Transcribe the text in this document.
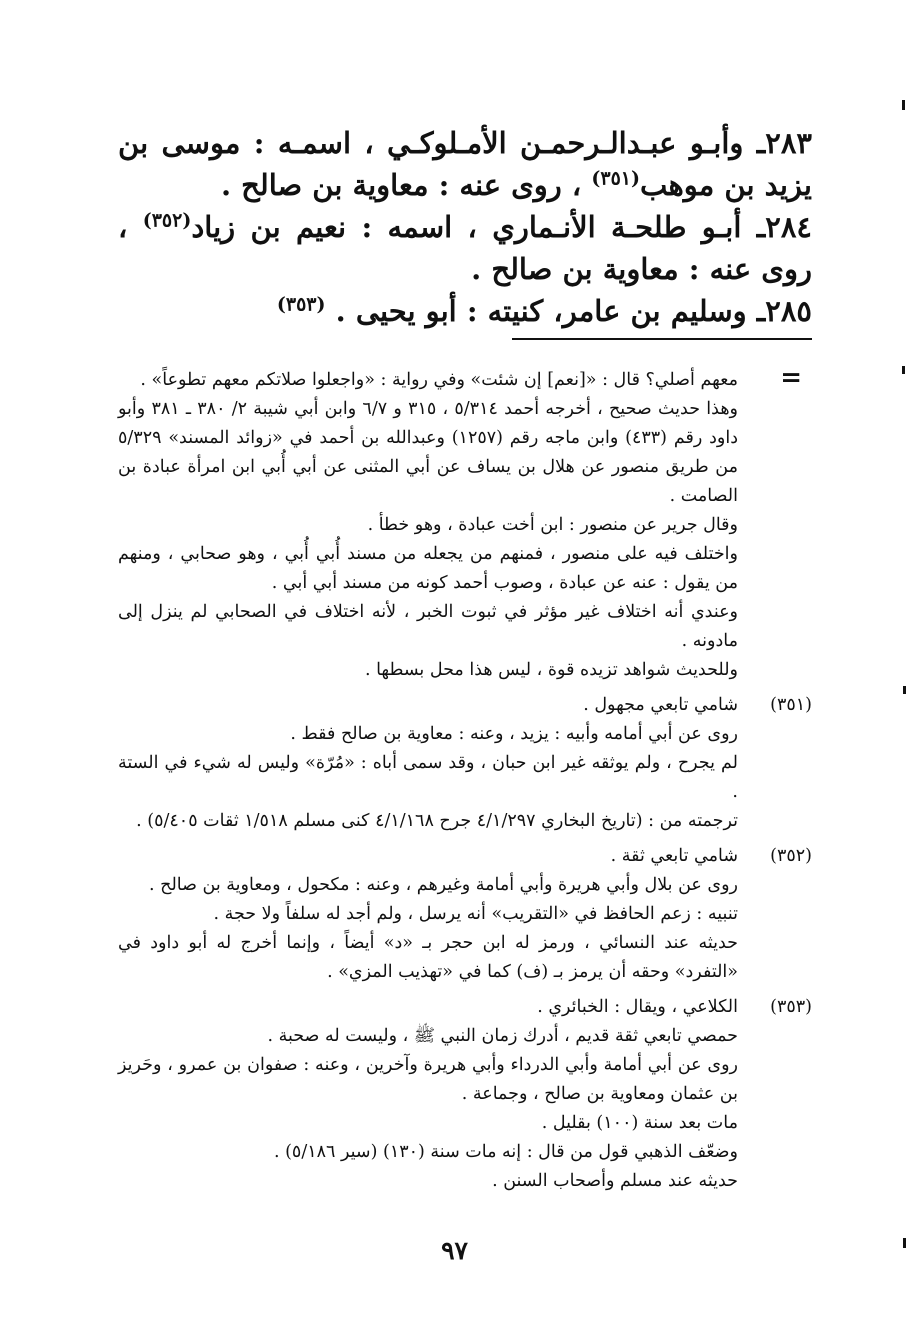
٢٨٣ـ وأبـو عبـدالـرحمـن الأمـلوكـي ، اسمـه : موسى بن يزيد بن موهب$^{(٣٥١)}$ ، روى عنه : معاوية بن صالح .

٢٨٤ـ أبـو طلحـة الأنـماري ، اسمه : نعيم بن زياد$^{(٣٥٢)}$ ، روى عنه : معاوية بن صالح .

٢٨٥ـ وسليم بن عامر، كنيته : أبو يحيى . $^{(٣٥٣)}$

=

معهم أصلي؟ قال : «[نعم] إن شئت» وفي رواية : «واجعلوا صلاتكم معهم تطوعاً» .

وهذا حديث صحيح ، أخرجه أحمد ٥/٣١٤ ، ٣١٥ و ٦/٧ وابن أبي شيبة ٢/ ٣٨٠ ـ ٣٨١ وأبو داود رقم (٤٣٣) وابن ماجه رقم (١٢٥٧) وعبدالله بن أحمد في «زوائد المسند» ٥/٣٢٩ من طريق منصور عن هلال بن يساف عن أبي المثنى عن أبي أُبي ابن امرأة عبادة بن الصامت .

وقال جرير عن منصور : ابن أخت عبادة ، وهو خطأ .

واختلف فيه على منصور ، فمنهم من يجعله من مسند أُبي أُبي ، وهو صحابي ، ومنهم من يقول : عنه عن عبادة ، وصوب أحمد كونه من مسند أبي أبي .

وعندي أنه اختلاف غير مؤثر في ثبوت الخبر ، لأنه اختلاف في الصحابي لم ينزل إلى مادونه .

وللحديث شواهد تزيده قوة ، ليس هذا محل بسطها .

(٣٥١)

شامي تابعي مجهول .

روى عن أبي أمامه وأبيه : يزيد ، وعنه : معاوية بن صالح فقط .

لم يجرح ، ولم يوثقه غير ابن حبان ، وقد سمى أباه : «مُرّة» وليس له شيء في الستة .

ترجمته من : (تاريخ البخاري ٤/١/٢٩٧ جرح ٤/١/١٦٨ كنى مسلم ١/٥١٨ ثقات ٥/٤٠٥) .

(٣٥٢)

شامي تابعي ثقة .

روى عن بلال وأبي هريرة وأبي أمامة وغيرهم ، وعنه : مكحول ، ومعاوية بن صالح .

تنبيه : زعم الحافظ في «التقريب» أنه يرسل ، ولم أجد له سلفاً ولا حجة .

حديثه عند النسائي ، ورمز له ابن حجر بـ «د» أيضاً ، وإنما أخرج له أبو داود في «التفرد» وحقه أن يرمز بـ (ف) كما في «تهذيب المزي» .

(٣٥٣)

الكلاعي ، ويقال : الخبائري .

حمصي تابعي ثقة قديم ، أدرك زمان النبي ﷺ ، وليست له صحبة .

روى عن أبي أمامة وأبي الدرداء وأبي هريرة وآخرين ، وعنه : صفوان بن عمرو ، وحَريز بن عثمان ومعاوية بن صالح ، وجماعة .

مات بعد سنة (١٠٠) بقليل .

وضعّف الذهبي قول من قال : إنه مات سنة (١٣٠) (سير ٥/١٨٦) .

حديثه عند مسلم وأصحاب السنن .

٩٧
